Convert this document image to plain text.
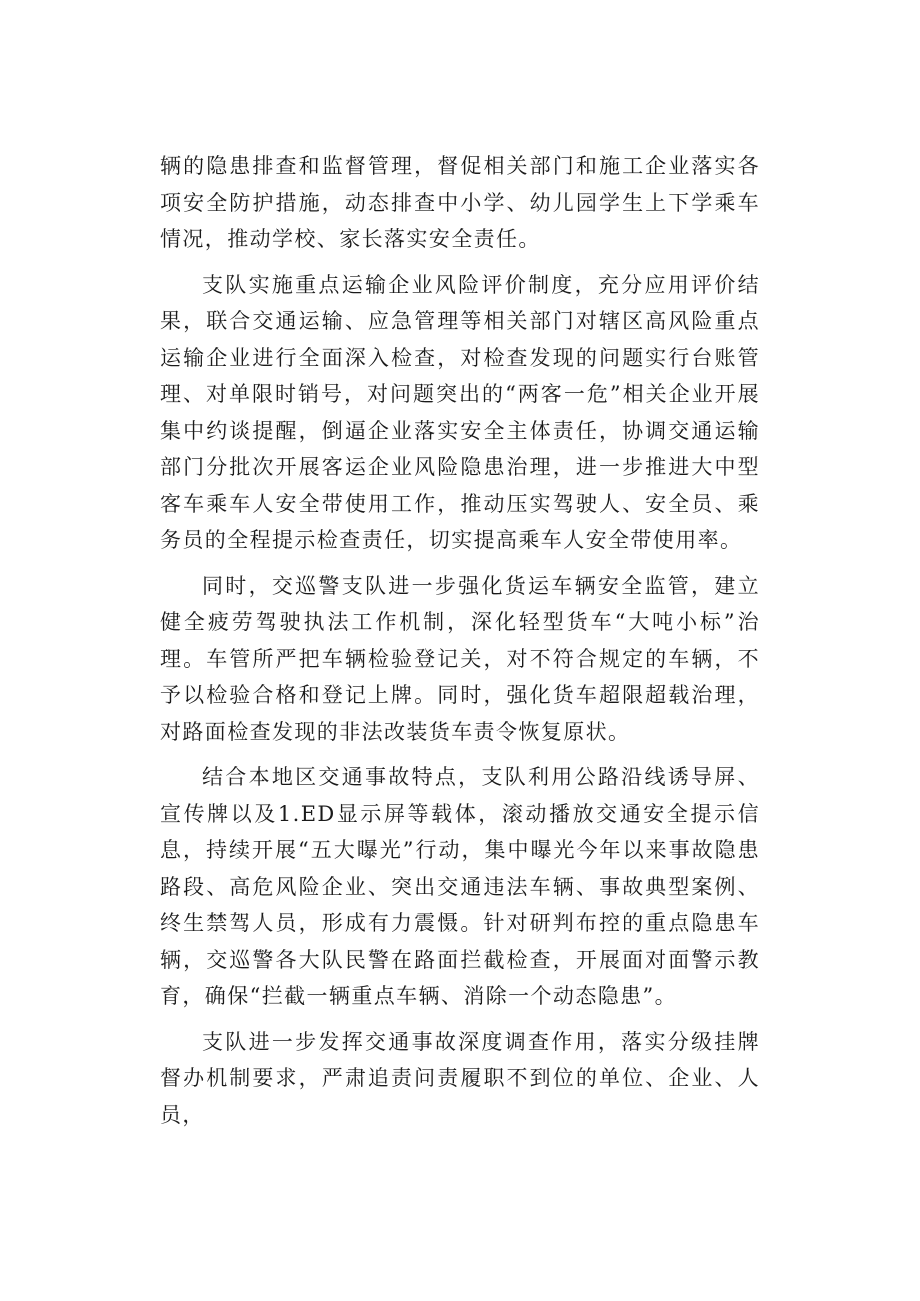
辆的隐患排查和监督管理，督促相关部门和施工企业落实各项安全防护措施，动态排查中小学、幼儿园学生上下学乘车情况，推动学校、家长落实安全责任。

支队实施重点运输企业风险评价制度，充分应用评价结果，联合交通运输、应急管理等相关部门对辖区高风险重点运输企业进行全面深入检查，对检查发现的问题实行台账管理、对单限时销号，对问题突出的“两客一危”相关企业开展集中约谈提醒，倒逼企业落实安全主体责任，协调交通运输部门分批次开展客运企业风险隐患治理，进一步推进大中型客车乘车人安全带使用工作，推动压实驾驶人、安全员、乘务员的全程提示检查责任，切实提高乘车人安全带使用率。

同时，交巡警支队进一步强化货运车辆安全监管，建立健全疲劳驾驶执法工作机制，深化轻型货车“大吨小标”治理。车管所严把车辆检验登记关，对不符合规定的车辆，不予以检验合格和登记上牌。同时，强化货车超限超载治理，对路面检查发现的非法改装货车责令恢复原状。

结合本地区交通事故特点，支队利用公路沿线诱导屏、宣传牌以及1.ED显示屏等载体，滚动播放交通安全提示信息，持续开展“五大曝光”行动，集中曝光今年以来事故隐患路段、高危风险企业、突出交通违法车辆、事故典型案例、终生禁驾人员，形成有力震慑。针对研判布控的重点隐患车辆，交巡警各大队民警在路面拦截检查，开展面对面警示教育，确保“拦截一辆重点车辆、消除一个动态隐患”。

支队进一步发挥交通事故深度调查作用，落实分级挂牌督办机制要求，严肃追责问责履职不到位的单位、企业、人员，
